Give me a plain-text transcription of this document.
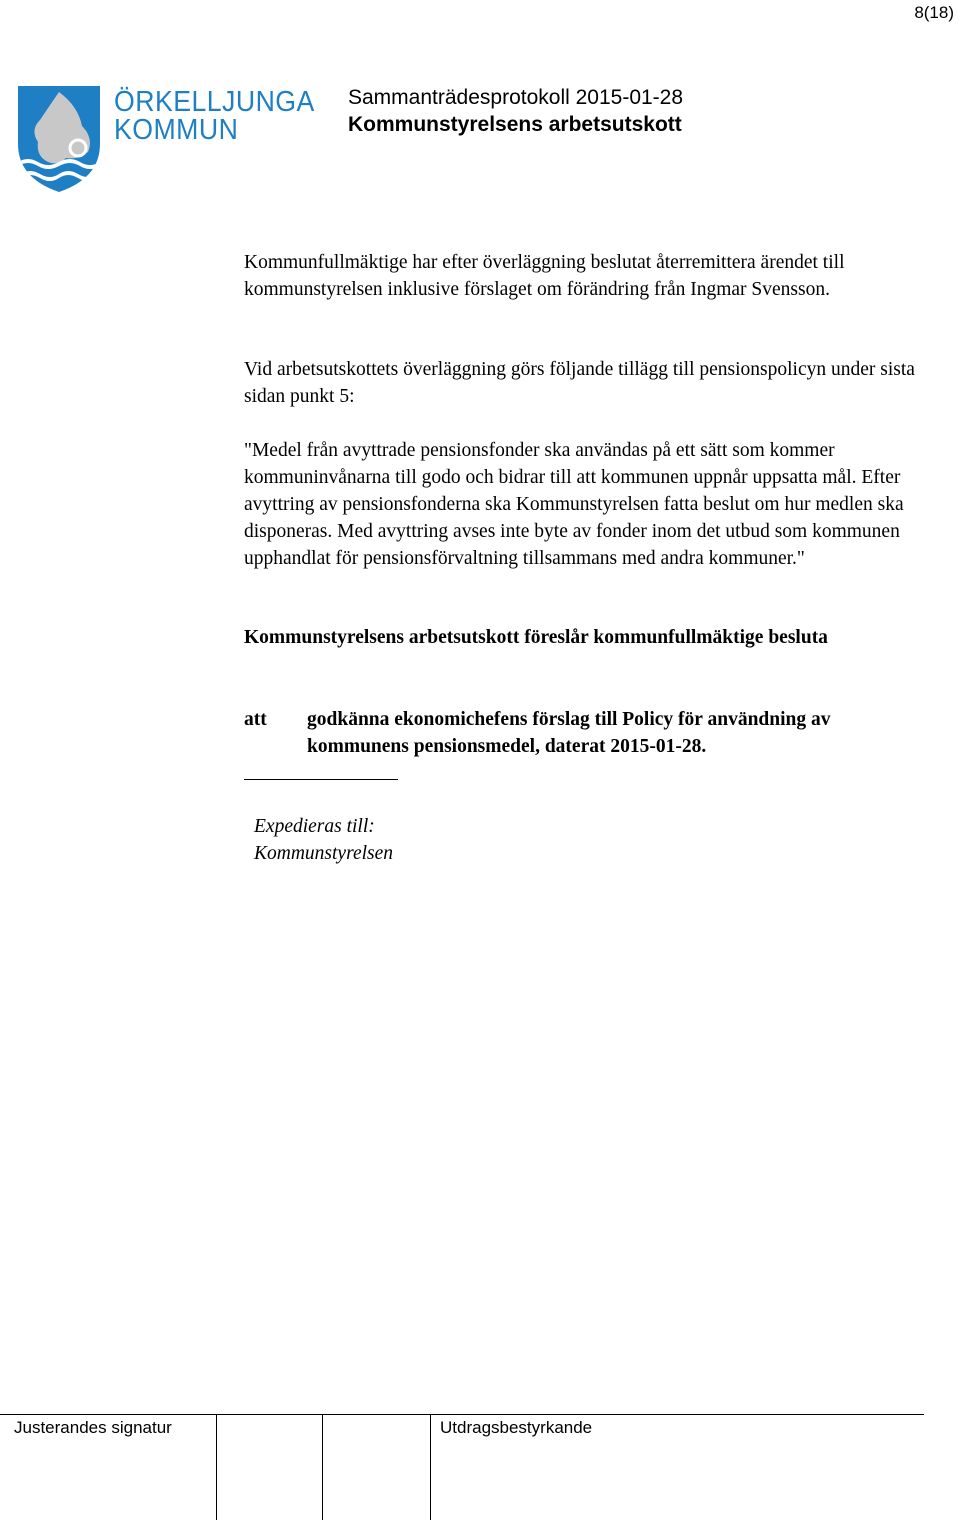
8(18)
ÖRKELLJUNGA
KOMMUN
Sammanträdesprotokoll 2015-01-28
Kommunstyrelsens arbetsutskott

Kommunfullmäktige har efter överläggning beslutat återremittera ärendet till kommunstyrelsen inklusive förslaget om förändring från Ingmar Svensson.

Vid arbetsutskottets överläggning görs följande tillägg till pensionspolicyn under sista sidan punkt 5:

"Medel från avyttrade pensionsfonder ska användas på ett sätt som kommer kommuninvånarna till godo och bidrar till att kommunen uppnår uppsatta mål. Efter avyttring av pensionsfonderna ska Kommunstyrelsen fatta beslut om hur medlen ska disponeras. Med avyttring avses inte byte av fonder inom det utbud som kommunen upphandlat för pensionsförvaltning tillsammans med andra kommuner."

Kommunstyrelsens arbetsutskott föreslår kommunfullmäktige besluta

att godkänna ekonomichefens förslag till Policy för användning av kommunens pensionsmedel, daterat 2015-01-28.
Expedieras till:
Kommunstyrelsen
Justerandes signatur	Utdragsbestyrkande
